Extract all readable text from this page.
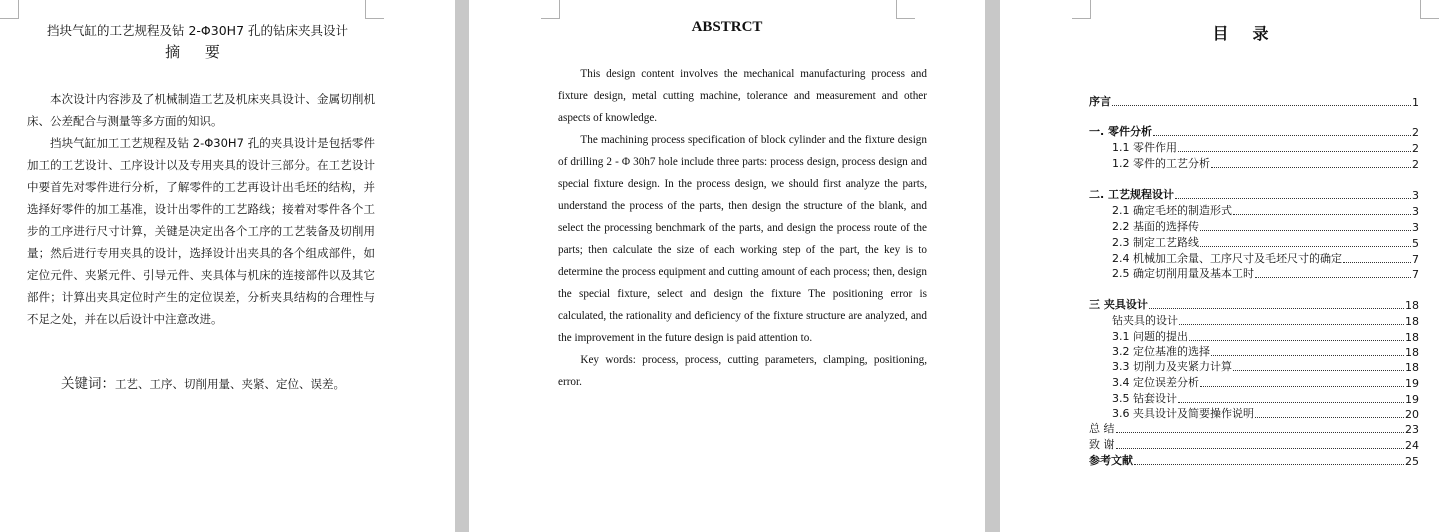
挡块气缸的工艺规程及钻 2-Φ30H7 孔的钻床夹具设计
摘 要

本次设计内容涉及了机械制造工艺及机床夹具设计、金属切削机床、公差配合与测量等多方面的知识。

挡块气缸加工工艺规程及钻 2-Φ30H7 孔的夹具设计是包括零件加工的工艺设计、工序设计以及专用夹具的设计三部分。在工艺设计中要首先对零件进行分析，了解零件的工艺再设计出毛坯的结构，并选择好零件的加工基准，设计出零件的工艺路线；接着对零件各个工步的工序进行尺寸计算，关键是决定出各个工序的工艺装备及切削用量；然后进行专用夹具的设计，选择设计出夹具的各个组成部件，如定位元件、夹紧元件、引导元件、夹具体与机床的连接部件以及其它部件；计算出夹具定位时产生的定位误差，分析夹具结构的合理性与不足之处，并在以后设计中注意改进。

关键词：工艺、工序、切削用量、夹紧、定位、误差。
ABSTRCT

This design content involves the mechanical manufacturing process and fixture design, metal cutting machine, tolerance and measurement and other aspects of knowledge.

The machining process specification of block cylinder and the fixture design of drilling 2 - Φ 30h7 hole include three parts: process design, process design and special fixture design. In the process design, we should first analyze the parts, understand the process of the parts, then design the structure of the blank, and select the processing benchmark of the parts, and design the process route of the parts; then calculate the size of each working step of the part, the key is to determine the process equipment and cutting amount of each process; then, design the special fixture, select and design the fixture The positioning error is calculated, the rationality and deficiency of the fixture structure are analyzed, and the improvement in the future design is paid attention to.

Key words: process, process, cutting parameters, clamping, positioning, error.

目录
序言	1
一. 零件分析	2
1.1 零件作用	2
1.2 零件的工艺分析	2
二. 工艺规程设计	3
2.1 确定毛坯的制造形式	3
2.2 基面的选择传	3
2.3 制定工艺路线	5
2.4 机械加工余量、工序尺寸及毛坯尺寸的确定	7
2.5 确定切削用量及基本工时	7
三 夹具设计	18
钻夹具的设计	18
3.1 问题的提出	18
3.2 定位基准的选择	18
3.3 切削力及夹紧力计算	18
3.4 定位误差分析	19
3.5 钻套设计	19
3.6 夹具设计及简要操作说明	20
总 结	23
致 谢	24
参考文献	25
